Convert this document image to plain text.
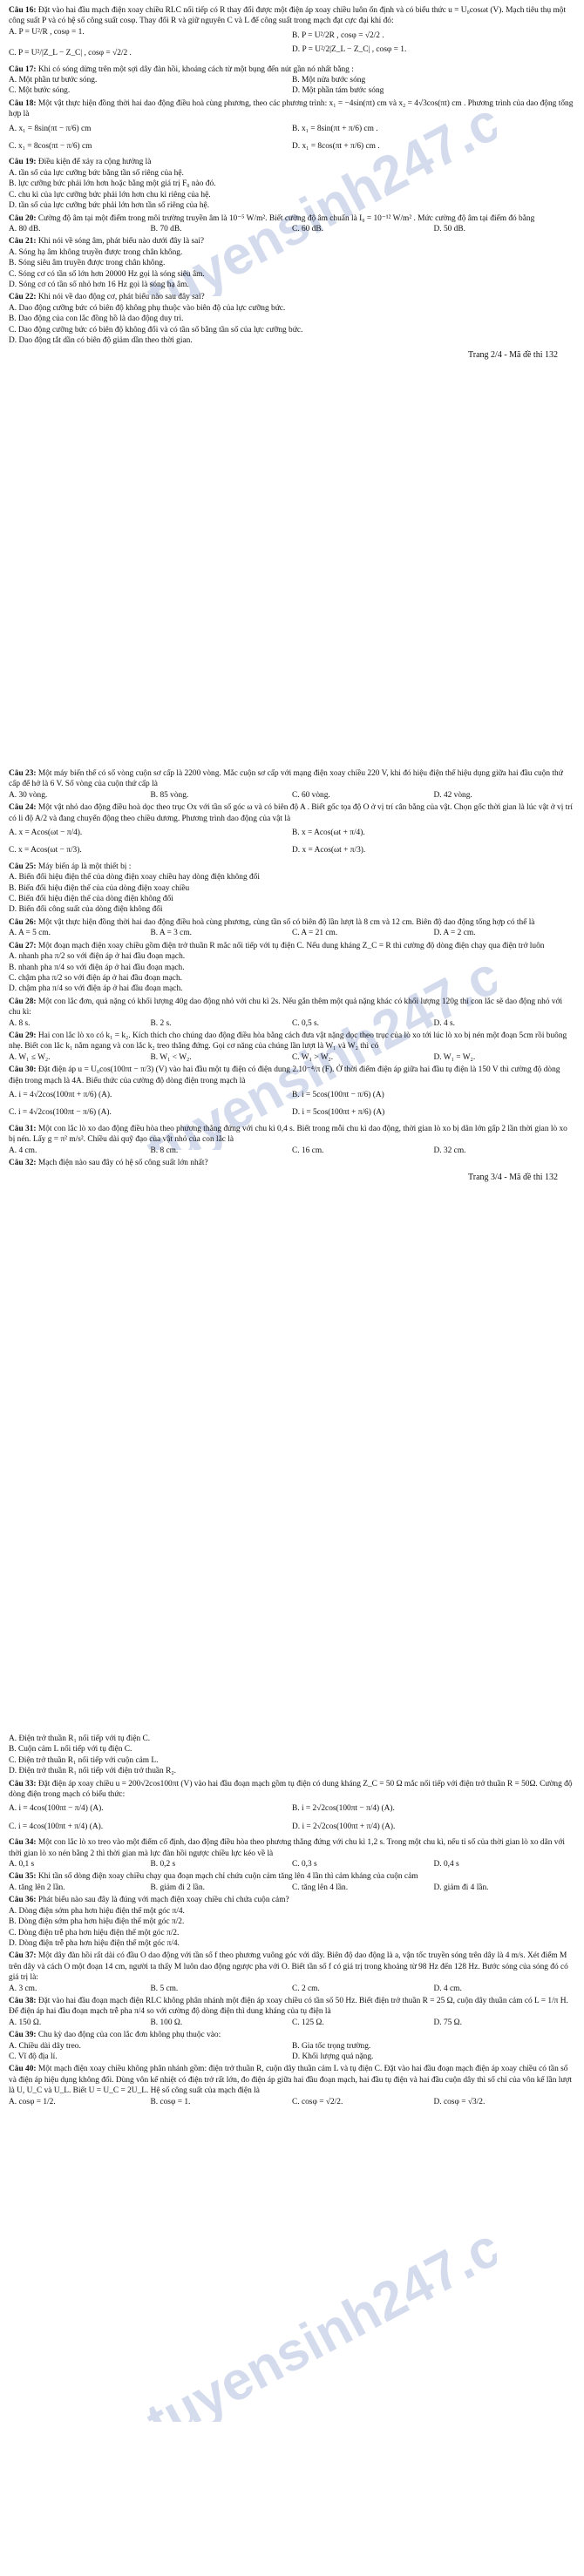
tuyensinh247.com
tuyensinh247.com
tuyensinh247.com
Câu 16: Đặt vào hai đầu mạch điện xoay chiều RLC nối tiếp có R thay đổi được một điện áp xoay chiều luôn ổn định và có biểu thức u = U₀cosωt (V). Mạch tiêu thụ một công suất P và có hệ số công suất cosφ. Thay đổi R và giữ nguyên C và L để công suất trong mạch đạt cực đại khi đó:
A. P = U²/R , cosφ = 1.	B. P = U²/2R , cosφ = √2/2 .
C. P = U²/|Z_L − Z_C| , cosφ = √2/2 .	D. P = U²/2|Z_L − Z_C| , cosφ = 1.
Câu 17: Khi có sóng dừng trên một sợi dây đàn hồi, khoảng cách từ một bụng đến nút gần nó nhất bằng :
A. Một phần tư bước sóng.	B. Một nửa bước sóng
C. Một bước sóng.	D. Một phần tám bước sóng
Câu 18: Một vật thực hiện đồng thời hai dao động điều hoà cùng phương, theo các phương trình: x₁ = −4sin(πt) cm và x₂ = 4√3cos(πt) cm . Phương trình của dao động tổng hợp là
A. x₁ = 8sin(πt − π/6) cm	B. x₁ = 8sin(πt + π/6) cm .
C. x₁ = 8cos(πt − π/6) cm	D. x₁ = 8cos(πt + π/6) cm .
Câu 19: Điều kiện để xảy ra cộng hưởng là
A. tần số của lực cưỡng bức bằng tần số riêng của hệ.
B. lực cưỡng bức phải lớn hơn hoặc bằng một giá trị F₀ nào đó.
C. chu kì của lực cưỡng bức phải lớn hơn chu kì riêng của hệ.
D. tần số của lực cưỡng bức phải lớn hơn tần số riêng của hệ.
Câu 20: Cường độ âm tại một điểm trong môi trường truyền âm là 10⁻⁵ W/m². Biết cường độ âm chuẩn là I₀ = 10⁻¹² W/m² . Mức cường độ âm tại điểm đó bằng
A. 80 dB.	B. 70 dB.	C. 60 dB.	D. 50 dB.
Câu 21: Khi nói về sóng âm, phát biểu nào dưới đây là sai?
A. Sóng hạ âm không truyền được trong chân không.
B. Sóng siêu âm truyền được trong chân không.
C. Sóng cơ có tần số lớn hơn 20000 Hz gọi là sóng siêu âm.
D. Sóng cơ có tần số nhỏ hơn 16 Hz gọi là sóng hạ âm.
Câu 22: Khi nói về dao động cơ, phát biểu nào sau đây sai?
A. Dao động cưỡng bức có biên độ không phụ thuộc vào biên độ của lực cưỡng bức.
B. Dao động của con lắc đồng hồ là dao động duy trì.
C. Dao động cưỡng bức có biên độ không đổi và có tần số bằng tần số của lực cưỡng bức.
D. Dao động tắt dần có biên độ giảm dần theo thời gian.
Trang 2/4 - Mã đề thi 132
Câu 23: Một máy biến thế có số vòng cuộn sơ cấp là 2200 vòng. Mắc cuộn sơ cấp với mạng điện xoay chiều 220 V, khi đó hiệu điện thế hiệu dụng giữa hai đầu cuộn thứ cấp để hở là 6 V. Số vòng của cuộn thứ cấp là
A. 30 vòng.	B. 85 vòng.	C. 60 vòng.	D. 42 vòng.
Câu 24: Một vật nhỏ dao động điều hoà dọc theo trục Ox với tần số góc ω và có biên độ A . Biết gốc tọa độ O ở vị trí cân bằng của vật. Chọn gốc thời gian là lúc vật ở vị trí có li độ A/2 và đang chuyển động theo chiều dương. Phương trình dao động của vật là
A. x = Acos(ωt − π/4).	B. x = Acos(ωt + π/4).
C. x = Acos(ωt − π/3).	D. x = Acos(ωt + π/3).
Câu 25: Máy biến áp là một thiết bị :
A. Biến đổi hiệu điện thế của dòng điện xoay chiều hay dòng điện không đổi
B. Biến đổi hiệu điện thế của của dòng điện xoay chiều
C. Biến đổi hiệu điện thế của dòng điện không đổi
D. Biến đổi công suất của dòng điện không đổi
Câu 26: Một vật thực hiện đồng thời hai dao động điều hoà cùng phương, cùng tần số có biên độ lần lượt là 8 cm và 12 cm. Biên độ dao động tổng hợp có thể là
A. A = 5 cm.	B. A = 3 cm.	C. A = 21 cm.	D. A = 2 cm.
Câu 27: Một đoạn mạch điện xoay chiều gồm điện trở thuần R mắc nối tiếp với tụ điện C. Nếu dung kháng Z_C = R thì cường độ dòng điện chạy qua điện trở luôn
A. nhanh pha π/2 so với điện áp ở hai đầu đoạn mạch.
B. nhanh pha π/4 so với điện áp ở hai đầu đoạn mạch.
C. chậm pha π/2 so với điện áp ở hai đầu đoạn mạch.
D. chậm pha π/4 so với điện áp ở hai đầu đoạn mạch.
Câu 28: Một con lắc đơn, quả nặng có khối lượng 40g dao động nhỏ với chu kì 2s. Nếu gắn thêm một quả nặng khác có khối lượng 120g thì con lắc sẽ dao động nhỏ với chu kì:
A. 8 s.	B. 2 s.	C. 0,5 s.	D. 4 s.
Câu 29: Hai con lắc lò xo có k₁ = k₂. Kích thích cho chúng dao động điều hòa bằng cách đưa vật nặng dọc theo trục của lò xo tới lúc lò xo bị nén một đoạn 5cm rồi buông nhẹ. Biết con lắc k₁ nằm ngang và con lắc k₂ treo thẳng đứng. Gọi cơ năng của chúng lần lượt là W₁ và W₂ thì có
A. W₁ ≤ W₂.	B. W₁ < W₂.	C. W₁ > W₂.	D. W₁ = W₂.
Câu 30: Đặt điện áp u = U₀cos(100πt − π/3) (V) vào hai đầu một tụ điện có điện dung 2.10⁻⁴/π (F). Ở thời điểm điện áp giữa hai đầu tụ điện là 150 V thì cường độ dòng điện trong mạch là 4A. Biểu thức của cường độ dòng điện trong mạch là
A. i = 4√2cos(100πt + π/6) (A).	B. i = 5cos(100πt − π/6) (A)
C. i = 4√2cos(100πt − π/6) (A).	D. i = 5cos(100πt + π/6) (A)
Câu 31: Một con lắc lò xo dao động điều hòa theo phương thẳng đứng với chu kì 0,4 s. Biết trong mỗi chu kì dao động, thời gian lò xo bị dãn lớn gấp 2 lần thời gian lò xo bị nén. Lấy g = π² m/s². Chiều dài quỹ đạo của vật nhỏ của con lắc là
A. 4 cm.	B. 8 cm.	C. 16 cm.	D. 32 cm.
Câu 32: Mạch điện nào sau đây có hệ số công suất lớn nhất?
Trang 3/4 - Mã đề thi 132
A. Điện trở thuần R₁ nối tiếp với tụ điện C.
B. Cuộn cảm L nối tiếp với tụ điện C.
C. Điện trở thuần R₁ nối tiếp với cuộn cảm L.
D. Điện trở thuần R₁ nối tiếp với điện trở thuần R₂.
Câu 33: Đặt điện áp xoay chiều u = 200√2cos100πt (V) vào hai đầu đoạn mạch gồm tụ điện có dung kháng Z_C = 50 Ω mắc nối tiếp với điện trở thuần R = 50Ω. Cường độ dòng điện trong mạch có biểu thức:
A. i = 4cos(100πt − π/4) (A).	B. i = 2√2cos(100πt − π/4) (A).
C. i = 4cos(100πt + π/4) (A).	D. i = 2√2cos(100πt + π/4) (A).
Câu 34: Một con lắc lò xo treo vào một điểm cố định, dao động điều hòa theo phương thẳng đứng với chu kì 1,2 s. Trong một chu kì, nếu tỉ số của thời gian lò xo dãn với thời gian lò xo nén bằng 2 thì thời gian mà lực đàn hồi ngược chiều lực kéo về là
A. 0,1 s	B. 0,2 s	C. 0,3 s	D. 0,4 s
Câu 35: Khi tần số dòng điện xoay chiều chạy qua đoạn mạch chỉ chứa cuộn cảm tăng lên 4 lần thì cảm kháng của cuộn cảm
A. tăng lên 2 lần.	B. giảm đi 2 lần.	C. tăng lên 4 lần.	D. giảm đi 4 lần.
Câu 36: Phát biểu nào sau đây là đúng với mạch điện xoay chiều chỉ chứa cuộn cảm?
A. Dòng điện sớm pha hơn hiệu điện thế một góc π/4.
B. Dòng điện sớm pha hơn hiệu điện thế một góc π/2.
C. Dòng điện trễ pha hơn hiệu điện thế một góc π/2.
D. Dòng điện trễ pha hơn hiệu điện thế một góc π/4.
Câu 37: Một dây đàn hồi rất dài có đầu O dao động với tần số f theo phương vuông góc với dây. Biên độ dao động là a, vận tốc truyền sóng trên dây là 4 m/s. Xét điểm M trên dây và cách O một đoạn 14 cm, người ta thấy M luôn dao động ngược pha với O. Biết tần số f có giá trị trong khoảng từ 98 Hz đến 128 Hz. Bước sóng của sóng đó có giá trị là:
A. 3 cm.	B. 5 cm.	C. 2 cm.	D. 4 cm.
Câu 38: Đặt vào hai đầu đoạn mạch điện RLC không phân nhánh một điện áp xoay chiều có tần số 50 Hz. Biết điện trở thuần R = 25 Ω, cuộn dây thuần cảm có L = 1/π H. Để điện áp hai đầu đoạn mạch trễ pha π/4 so với cường độ dòng điện thì dung kháng của tụ điện là
A. 150 Ω.	B. 100 Ω.	C. 125 Ω.	D. 75 Ω.
Câu 39: Chu kỳ dao động của con lắc đơn không phụ thuộc vào:
A. Chiều dài dây treo.	B. Gia tốc trọng trường.
C. Vĩ độ địa lí.	D. Khối lượng quả nặng.
Câu 40: Một mạch điện xoay chiều không phân nhánh gồm: điện trở thuần R, cuộn dây thuần cảm L và tụ điện C. Đặt vào hai đầu đoạn mạch điện áp xoay chiều có tần số và điện áp hiệu dụng không đổi. Dùng vôn kế nhiệt có điện trở rất lớn, đo điện áp giữa hai đầu đoạn mạch, hai đầu tụ điện và hai đầu cuộn dây thì số chỉ của vôn kế lần lượt là U, U_C và U_L. Biết U = U_C = 2U_L. Hệ số công suất của mạch điện là
A. cosφ = 1/2.	B. cosφ = 1.	C. cosφ = √2/2.	D. cosφ = √3/2.
